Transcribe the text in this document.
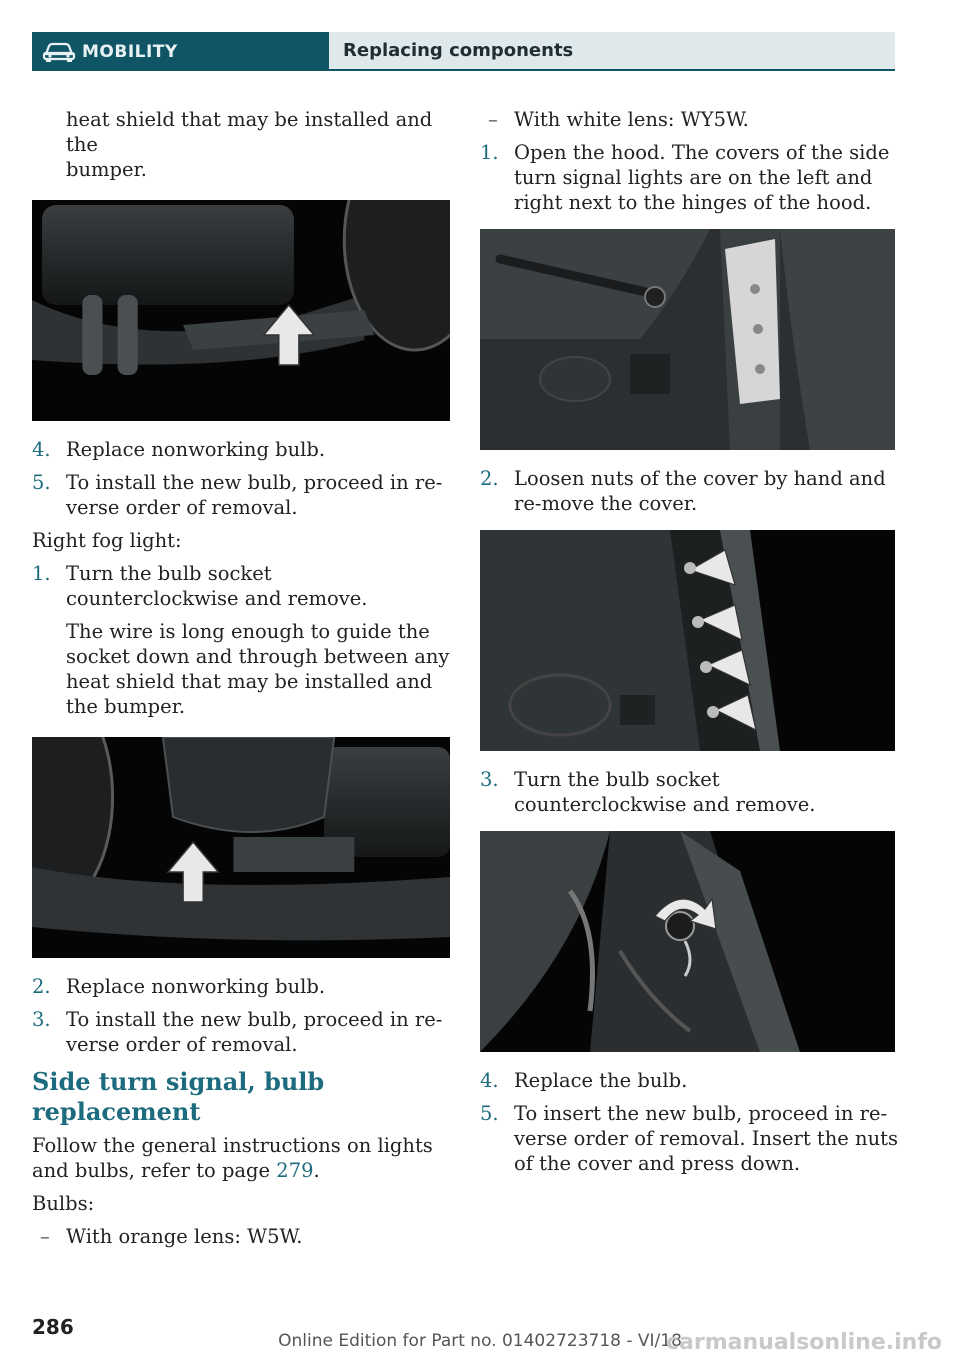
MOBILITY	Replacing components

heat shield that may be installed and the
bumper.

4. Replace nonworking bulb.
5. To install the new bulb, proceed in re-verse order of removal.

Right fog light:

1. Turn the bulb socket counterclockwise and remove.

The wire is long enough to guide the socket down and through between any heat shield that may be installed and the bumper.

2. Replace nonworking bulb.
3. To install the new bulb, proceed in re-verse order of removal.

Side turn signal, bulb replacement

Follow the general instructions on lights and bulbs, refer to page 279.

Bulbs:

– With orange lens: W5W.
– With white lens: WY5W.
1. Open the hood. The covers of the side turn signal lights are on the left and right next to the hinges of the hood.
2. Loosen nuts of the cover by hand and re-move the cover.
3. Turn the bulb socket counterclockwise and remove.
4. Replace the bulb.
5. To insert the new bulb, proceed in re-verse order of removal. Insert the nuts of the cover and press down.
286
Online Edition for Part no. 01402723718 - VI/18
carmanualsonline.info
